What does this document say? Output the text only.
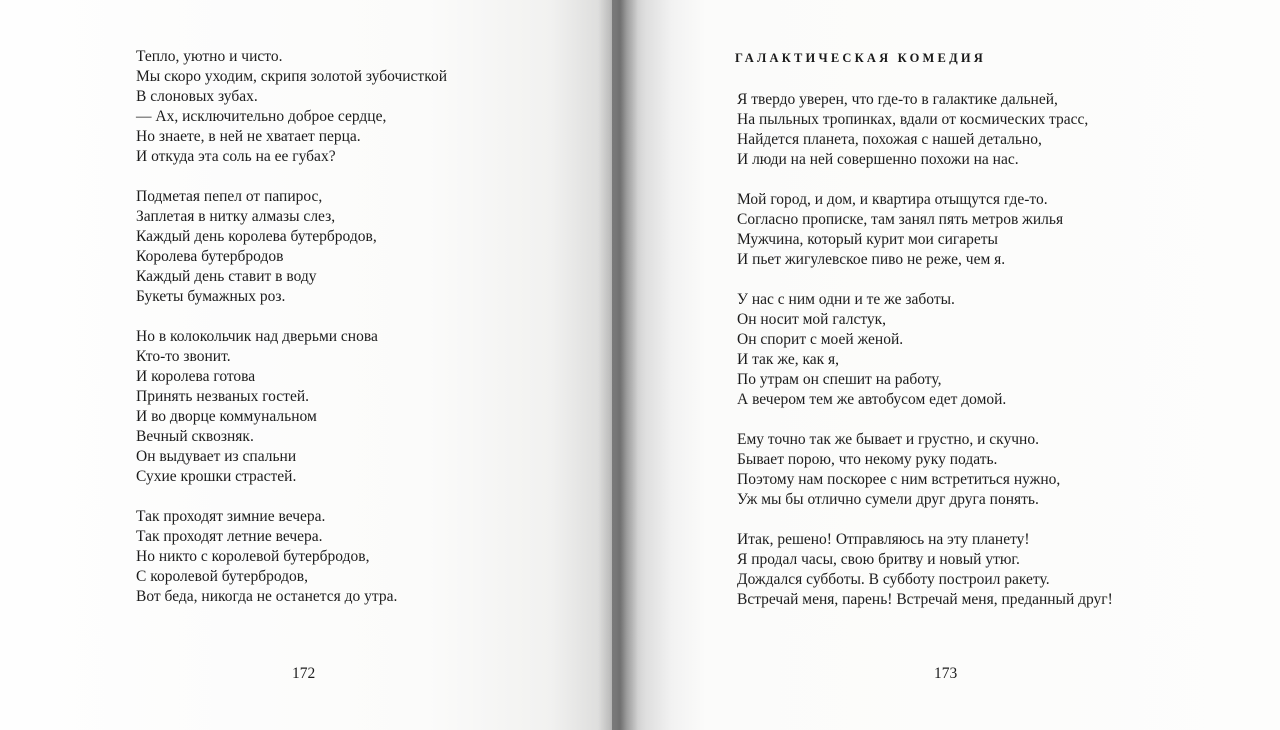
Тепло, уютно и чисто.
Мы скоро уходим, скрипя золотой зубочисткой
В слоновых зубах.
— Ах, исключительно доброе сердце,
Но знаете, в ней не хватает перца.
И откуда эта соль на ее губах?
Подметая пепел от папирос,
Заплетая в нитку алмазы слез,
Каждый день королева бутербродов,
Королева бутербродов
Каждый день ставит в воду
Букеты бумажных роз.
Но в колокольчик над дверьми снова
Кто-то звонит.
И королева готова
Принять незваных гостей.
И во дворце коммунальном
Вечный сквозняк.
Он выдувает из спальни
Сухие крошки страстей.
Так проходят зимние вечера.
Так проходят летние вечера.
Но никто с королевой бутербродов,
С королевой бутербродов,
Вот беда, никогда не останется до утра.
172
ГАЛАКТИЧЕСКАЯ КОМЕДИЯ
Я твердо уверен, что где-то в галактике дальней,
На пыльных тропинках, вдали от космических трасс,
Найдется планета, похожая с нашей детально,
И люди на ней совершенно похожи на нас.
Мой город, и дом, и квартира отыщутся где-то.
Согласно прописке, там занял пять метров жилья
Мужчина, который курит мои сигареты
И пьет жигулевское пиво не реже, чем я.
У нас с ним одни и те же заботы.
Он носит мой галстук,
Он спорит с моей женой.
И так же, как я,
По утрам он спешит на работу,
А вечером тем же автобусом едет домой.
Ему точно так же бывает и грустно, и скучно.
Бывает порою, что некому руку подать.
Поэтому нам поскорее с ним встретиться нужно,
Уж мы бы отлично сумели друг друга понять.
Итак, решено! Отправляюсь на эту планету!
Я продал часы, свою бритву и новый утюг.
Дождался субботы. В субботу построил ракету.
Встречай меня, парень! Встречай меня, преданный друг!
173
